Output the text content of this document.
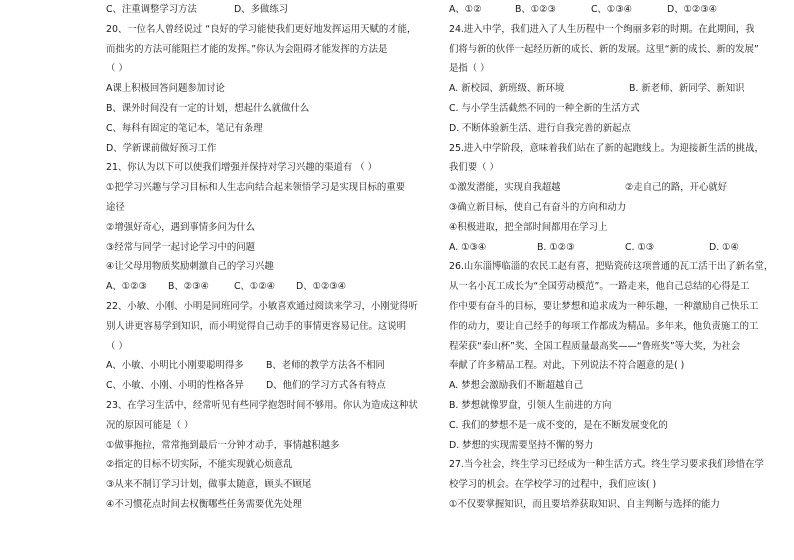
C、注重调整学习方法	D、多做练习
20、一位名人曾经说过 “良好的学习能使我们更好地发挥运用天赋的才能，
而拙劣的方法可能阻拦才能的发挥。”你认为会阻碍才能发挥的方法是
（ ）
A课上积极回答问题参加讨论
B、课外时间没有一定的计划，想起什么就做什么
C、每科有固定的笔记本，笔记有条理
D、学新课前做好预习工作
21、你认为以下可以使我们增强并保持对学习兴趣的渠道有 （ ）
①把学习兴趣与学习目标和人生志向结合起来领悟学习是实现目标的重要
途径
②增强好奇心，遇到事情多问为什么
③经常与同学一起讨论学习中的问题
④让父母用物质奖励刺激自己的学习兴趣
A、①②③	B、②③④	C、①②④	D、①②③④
22、小敏、小刚、小明是同班同学。小敏喜欢通过阅读来学习，小刚觉得听
别人讲更容易学到知识，而小明觉得自己动手的事情更容易记住。这说明
（ ）
A、小敏、小明比小刚要聪明得多	B、老师的教学方法各不相同
C、小敏、小刚、小明的性格各异	D、他们的学习方式各有特点
23、在学习生活中，经常听见有些同学抱怨时间不够用。你认为造成这种状
况的原因可能是（ ）
①做事拖拉，常常拖到最后一分钟才动手，事情越积越多
②指定的目标不切实际，不能实现就心烦意乱
③从来不制订学习计划，做事太随意，顾头不顾尾
④不习惯花点时间去权衡哪些任务需要优先处理
A、①②	B、①②③	C、①③④	D、①②③④
24.进入中学，我们进入了人生历程中一个绚丽多彩的时期。在此期间，我
们将与新的伙伴一起经历新的成长、新的发展。这里“新的成长、新的发展”
是指（ ）
A. 新校园、新班级、新环境	B. 新老师、新同学、新知识
C. 与小学生活截然不同的一种全新的生活方式
D. 不断体验新生活、进行自我完善的新起点
25.进入中学阶段，意味着我们站在了新的起跑线上。为迎接新生活的挑战，
我们要（ ）
①激发潜能，实现自我超越	②走自己的路，开心就好
③确立新目标，使自己有奋斗的方向和动力
④积极进取，把全部时间都用在学习上
A. ①③④	B. ①②③	C. ①③	D. ①④
26.山东淄博临淄的农民工赵有喜，把贴瓷砖这项普通的瓦工活干出了新名堂，
从一名小瓦工成长为“全国劳动模范”。一路走来，他自己总结的心得是工
作中要有奋斗的目标，要让梦想和追求成为一种乐趣，一种激励自己快乐工
作的动力，要让自己经手的每项工作都成为精品。多年来，他负责施工的工
程荣获“泰山杯”奖、全国工程质量最高奖——“鲁班奖”等大奖，为社会
奉献了许多精品工程。对此，下列说法不符合题意的是( )
A. 梦想会激励我们不断超越自己
B. 梦想就像罗盘，引领人生前进的方向
C. 我们的梦想不是一成不变的，是在不断发展变化的
D. 梦想的实现需要坚持不懈的努力
27.当今社会，终生学习已经成为一种生活方式。终生学习要求我们珍惜在学
校学习的机会。在学校学习的过程中，我们应该( )
①不仅要掌握知识，而且要培养获取知识、自主判断与选择的能力
